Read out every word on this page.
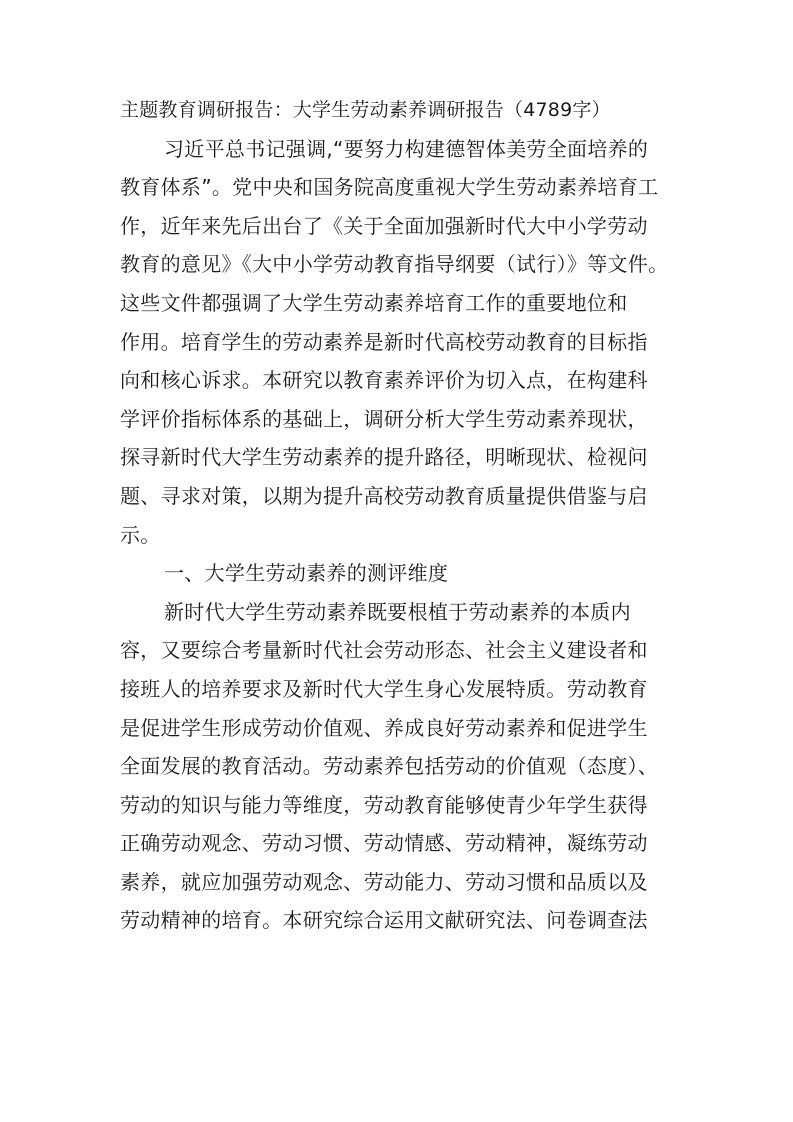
主题教育调研报告：大学生劳动素养调研报告（4789字）
习近平总书记强调,“要努力构建德智体美劳全面培养的
教育体系”。党中央和国务院高度重视大学生劳动素养培育工
作，近年来先后出台了《关于全面加强新时代大中小学劳动
教育的意见》《大中小学劳动教育指导纲要（试行）》等文件。
这些文件都强调了大学生劳动素养培育工作的重要地位和
作用。培育学生的劳动素养是新时代高校劳动教育的目标指
向和核心诉求。本研究以教育素养评价为切入点，在构建科
学评价指标体系的基础上，调研分析大学生劳动素养现状，
探寻新时代大学生劳动素养的提升路径，明晰现状、检视问
题、寻求对策，以期为提升高校劳动教育质量提供借鉴与启
示。
一、大学生劳动素养的测评维度
新时代大学生劳动素养既要根植于劳动素养的本质内
容，又要综合考量新时代社会劳动形态、社会主义建设者和
接班人的培养要求及新时代大学生身心发展特质。劳动教育
是促进学生形成劳动价值观、养成良好劳动素养和促进学生
全面发展的教育活动。劳动素养包括劳动的价值观（态度）、
劳动的知识与能力等维度，劳动教育能够使青少年学生获得
正确劳动观念、劳动习惯、劳动情感、劳动精神，凝练劳动
素养，就应加强劳动观念、劳动能力、劳动习惯和品质以及
劳动精神的培育。本研究综合运用文献研究法、问卷调查法
